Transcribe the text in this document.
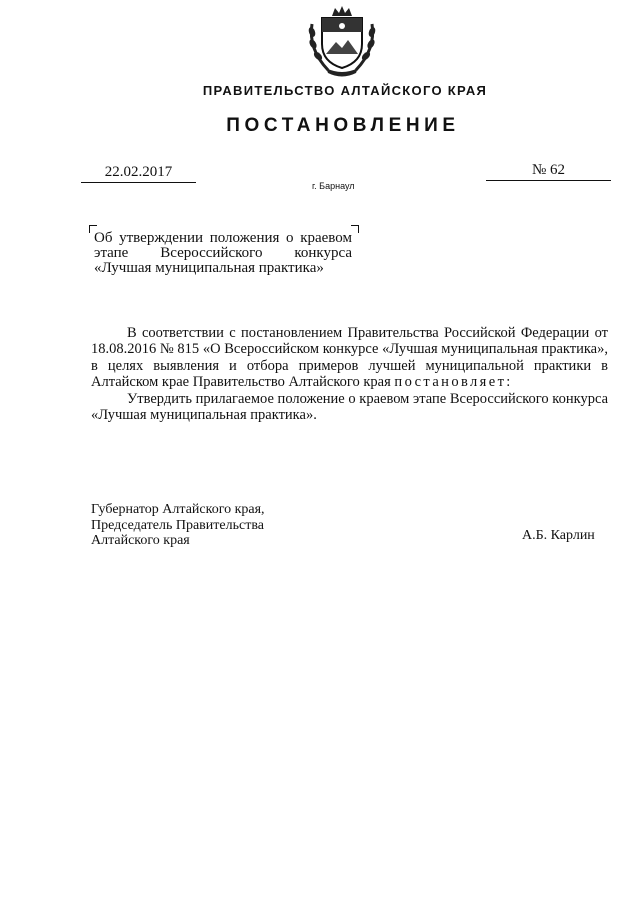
ПРАВИТЕЛЬСТВО АЛТАЙСКОГО КРАЯ
ПОСТАНОВЛЕНИЕ
22.02.2017	№ 62
г. Барнаул
Об утверждении положения о краевом этапе Всероссийского конкурса «Лучшая муниципальная практика»

В соответствии с постановлением Правительства Российской Федерации от 18.08.2016 № 815 «О Всероссийском конкурсе «Лучшая муниципальная практика», в целях выявления и отбора примеров лучшей муниципальной практики в Алтайском крае Правительство Алтайского края постановляет:

Утвердить прилагаемое положение о краевом этапе Всероссийского конкурса «Лучшая муниципальная практика».

Губернатор Алтайского края,
Председатель Правительства
Алтайского края	А.Б. Карлин
